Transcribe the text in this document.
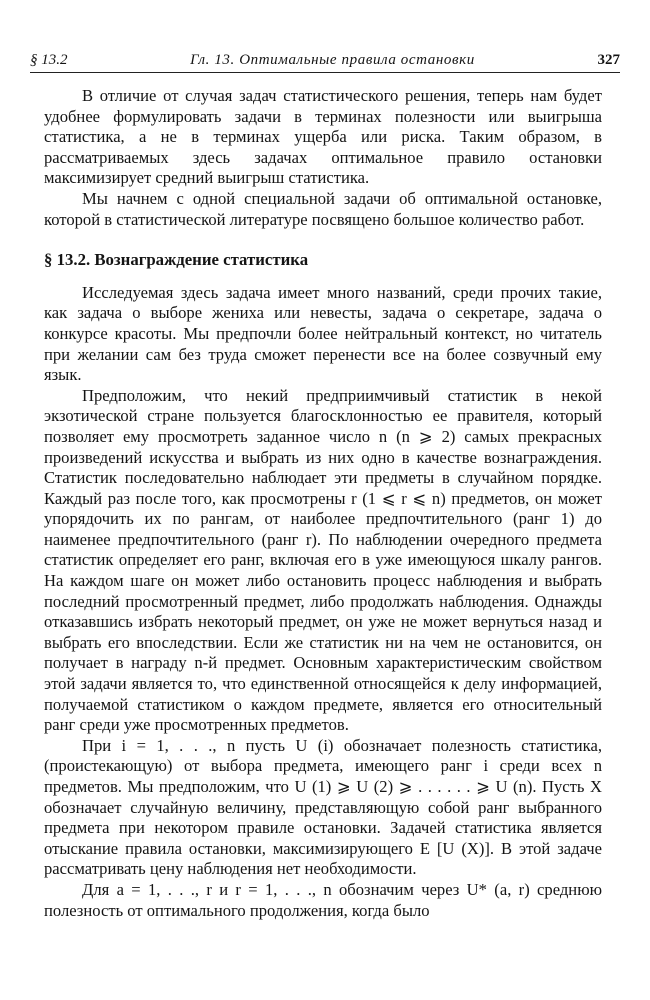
§ 13.2	Гл. 13. Оптимальные правила остановки	327

В отличие от случая задач статистического решения, теперь нам будет удобнее формулировать задачи в терминах полезности или выигрыша статистика, а не в терминах ущерба или риска. Таким образом, в рассматриваемых здесь задачах оптимальное правило остановки максимизирует средний выигрыш статистика.

Мы начнем с одной специальной задачи об оптимальной остановке, которой в статистической литературе посвящено большое количество работ.

§ 13.2. Вознаграждение статистика

Исследуемая здесь задача имеет много названий, среди прочих такие, как задача о выборе жениха или невесты, задача о секретаре, задача о конкурсе красоты. Мы предпочли более нейтральный контекст, но читатель при желании сам без труда сможет перенести все на более созвучный ему язык.

Предположим, что некий предприимчивый статистик в некой экзотической стране пользуется благосклонностью ее правителя, который позволяет ему просмотреть заданное число n (n ⩾ 2) самых прекрасных произведений искусства и выбрать из них одно в качестве вознаграждения. Статистик последовательно наблюдает эти предметы в случайном порядке. Каждый раз после того, как просмотрены r (1 ⩽ r ⩽ n) предметов, он может упорядочить их по рангам, от наиболее предпочтительного (ранг 1) до наименее предпочтительного (ранг r). По наблюдении очередного предмета статистик определяет его ранг, включая его в уже имеющуюся шкалу рангов. На каждом шаге он может либо остановить процесс наблюдения и выбрать последний просмотренный предмет, либо продолжать наблюдения. Однажды отказавшись избрать некоторый предмет, он уже не может вернуться назад и выбрать его впоследствии. Если же статистик ни на чем не остановится, он получает в награду n-й предмет. Основным характеристическим свойством этой задачи является то, что единственной относящейся к делу информацией, получаемой статистиком о каждом предмете, является его относительный ранг среди уже просмотренных предметов.

При i = 1, . . ., n пусть U (i) обозначает полезность статистика, (проистекающую) от выбора предмета, имеющего ранг i среди всех n предметов. Мы предположим, что U (1) ⩾ U (2) ⩾ . . . . . . ⩾ U (n). Пусть X обозначает случайную величину, представляющую собой ранг выбранного предмета при некотором правиле остановки. Задачей статистика является отыскание правила остановки, максимизирующего E [U (X)]. В этой задаче рассматривать цену наблюдения нет необходимости.

Для a = 1, . . ., r и r = 1, . . ., n обозначим через U* (a, r) среднюю полезность от оптимального продолжения, когда было
